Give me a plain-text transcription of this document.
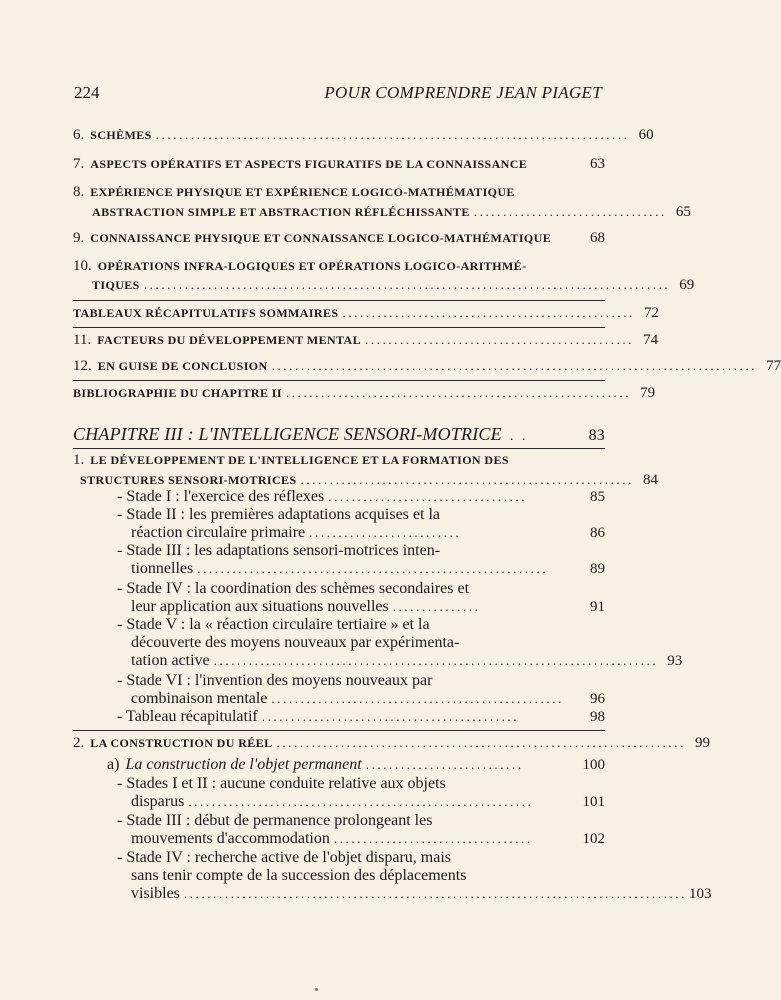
224	POUR COMPRENDRE JEAN PIAGET
6. SCHÈMES ................................................................................. 60
7. ASPECTS OPÉRATIFS ET ASPECTS FIGURATIFS DE LA CONNAISSANCE	63
8. EXPÉRIENCE PHYSIQUE ET EXPÉRIENCE LOGICO-MATHÉMATIQUE
ABSTRACTION SIMPLE ET ABSTRACTION RÉFLÉCHISSANTE ................................. 65
9. CONNAISSANCE PHYSIQUE ET CONNAISSANCE LOGICO-MATHÉMATIQUE	68
10. OPÉRATIONS INFRA-LOGIQUES ET OPÉRATIONS LOGICO-ARITHMÉ-
TIQUES .......................................................................................... 69
TABLEAUX RÉCAPITULATIFS SOMMAIRES .................................................. 72
11. FACTEURS DU DÉVELOPPEMENT MENTAL .............................................. 74
12. EN GUISE DE CONCLUSION ................................................................................... 77
BIBLIOGRAPHIE DU CHAPITRE II ........................................................... 79
CHAPITRE III : L'INTELLIGENCE SENSORI-MOTRICE . .	83
1. LE DÉVELOPPEMENT DE L'INTELLIGENCE ET LA FORMATION DES
STRUCTURES SENSORI-MOTRICES ......................................................... 84
- Stade I : l'exercice des réflexes ..................................	85
- Stade II : les premières adaptations acquises et la
réaction circulaire primaire ..........................	86
- Stade III : les adaptations sensori-motrices inten-
tionnelles ............................................................	89
- Stade IV : la coordination des schèmes secondaires et
leur application aux situations nouvelles ...............	91
- Stade V : la « réaction circulaire tertiaire » et la
découverte des moyens nouveaux par expérimenta-
tation active ............................................................................ 93
- Stade VI : l'invention des moyens nouveaux par
combinaison mentale ..................................................	96
- Tableau récapitulatif ............................................	98
2. LA CONSTRUCTION DU RÉEL ...................................................................... 99
a) La construction de l'objet permanent ...........................	100
- Stades I et II : aucune conduite relative aux objets
disparus ...........................................................	101
- Stade III : début de permanence prolongeant les
mouvements d'accommodation ..................................	102
- Stade IV : recherche active de l'objet disparu, mais
sans tenir compte de la succession des déplacements
visibles ...................................................................................... 103
